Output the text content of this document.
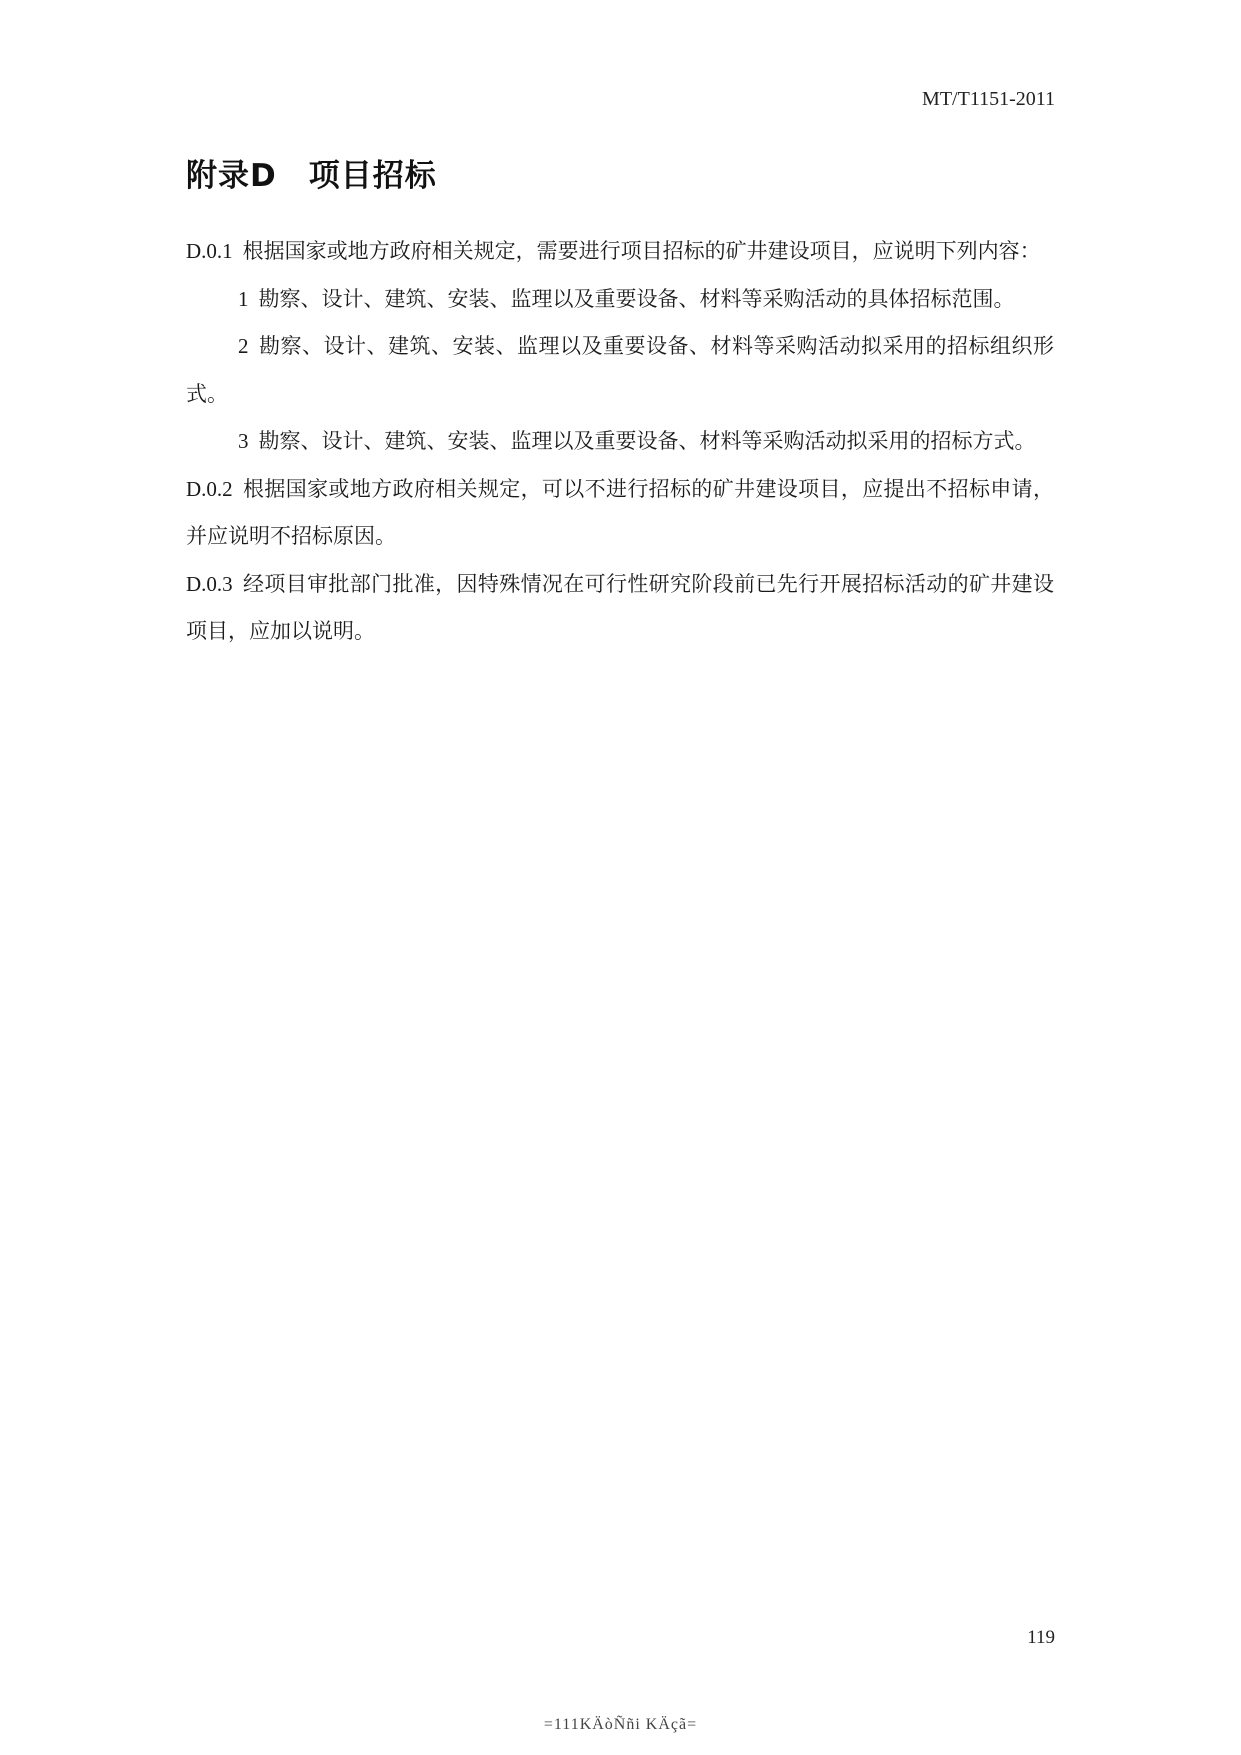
MT/T1151-2011
附录D 项目招标

D.0.1 根据国家或地方政府相关规定，需要进行项目招标的矿井建设项目，应说明下列内容：

1 勘察、设计、建筑、安装、监理以及重要设备、材料等采购活动的具体招标范围。

2 勘察、设计、建筑、安装、监理以及重要设备、材料等采购活动拟采用的招标组织形式。

3 勘察、设计、建筑、安装、监理以及重要设备、材料等采购活动拟采用的招标方式。

D.0.2 根据国家或地方政府相关规定，可以不进行招标的矿井建设项目，应提出不招标申请，并应说明不招标原因。

D.0.3 经项目审批部门批准，因特殊情况在可行性研究阶段前已先行开展招标活动的矿井建设项目，应加以说明。

119
=111KÄòÑñi KÄçã=
